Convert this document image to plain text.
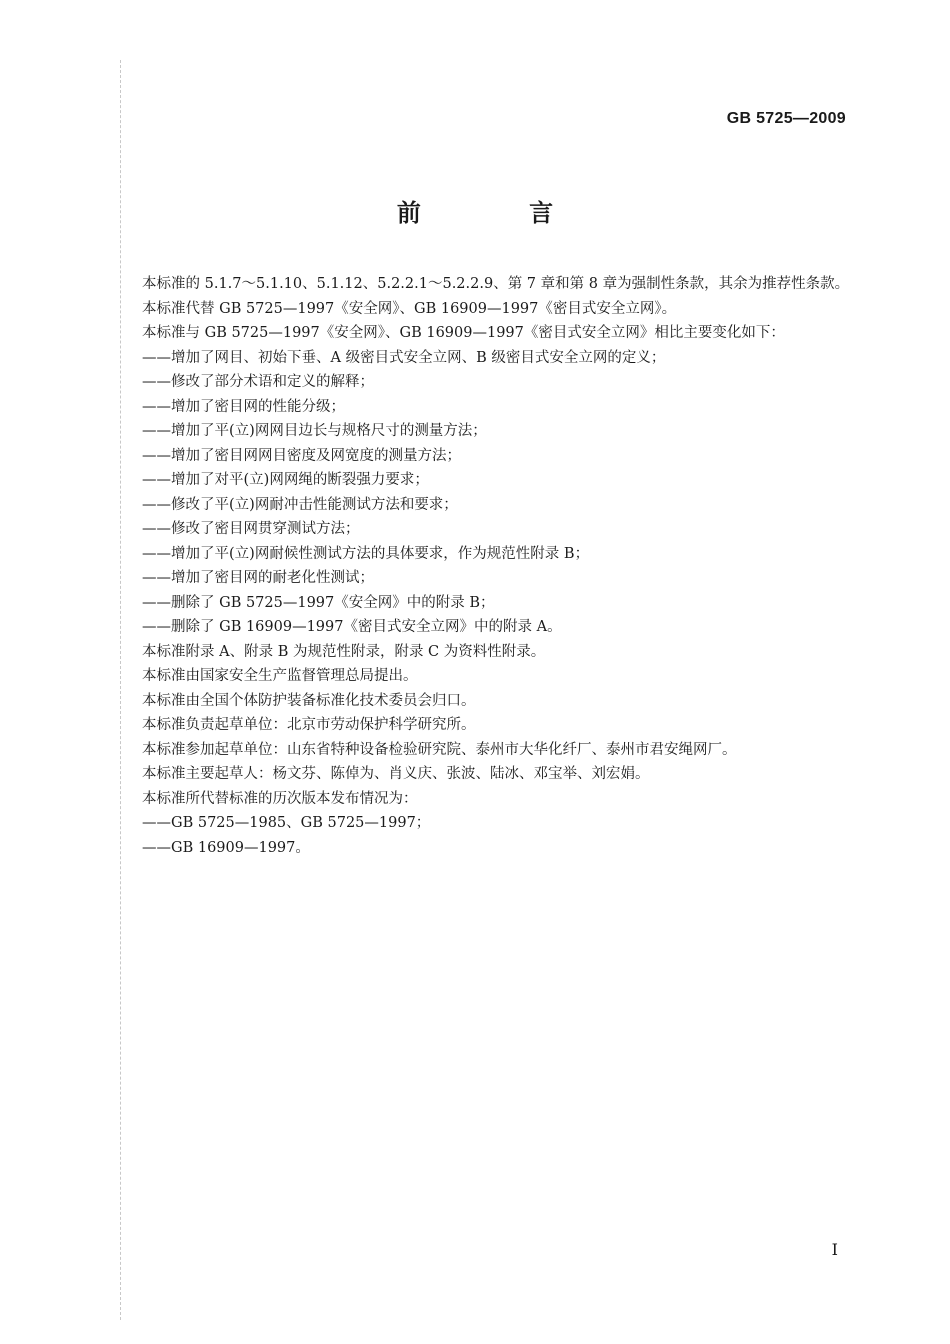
GB 5725—2009
前 言

本标准的 5.1.7～5.1.10、5.1.12、5.2.2.1～5.2.2.9、第 7 章和第 8 章为强制性条款，其余为推荐性条款。

本标准代替 GB 5725—1997《安全网》、GB 16909—1997《密目式安全立网》。

本标准与 GB 5725—1997《安全网》、GB 16909—1997《密目式安全立网》相比主要变化如下：

——增加了网目、初始下垂、A 级密目式安全立网、B 级密目式安全立网的定义；

——修改了部分术语和定义的解释；

——增加了密目网的性能分级；

——增加了平(立)网网目边长与规格尺寸的测量方法；

——增加了密目网网目密度及网宽度的测量方法；

——增加了对平(立)网网绳的断裂强力要求；

——修改了平(立)网耐冲击性能测试方法和要求；

——修改了密目网贯穿测试方法；

——增加了平(立)网耐候性测试方法的具体要求，作为规范性附录 B；

——增加了密目网的耐老化性测试；

——删除了 GB 5725—1997《安全网》中的附录 B；

——删除了 GB 16909—1997《密目式安全立网》中的附录 A。

本标准附录 A、附录 B 为规范性附录，附录 C 为资料性附录。

本标准由国家安全生产监督管理总局提出。

本标准由全国个体防护装备标准化技术委员会归口。

本标准负责起草单位：北京市劳动保护科学研究所。

本标准参加起草单位：山东省特种设备检验研究院、泰州市大华化纤厂、泰州市君安绳网厂。

本标准主要起草人：杨文芬、陈倬为、肖义庆、张波、陆冰、邓宝举、刘宏娟。

本标准所代替标准的历次版本发布情况为：

——GB 5725—1985、GB 5725—1997；

——GB 16909—1997。

I
